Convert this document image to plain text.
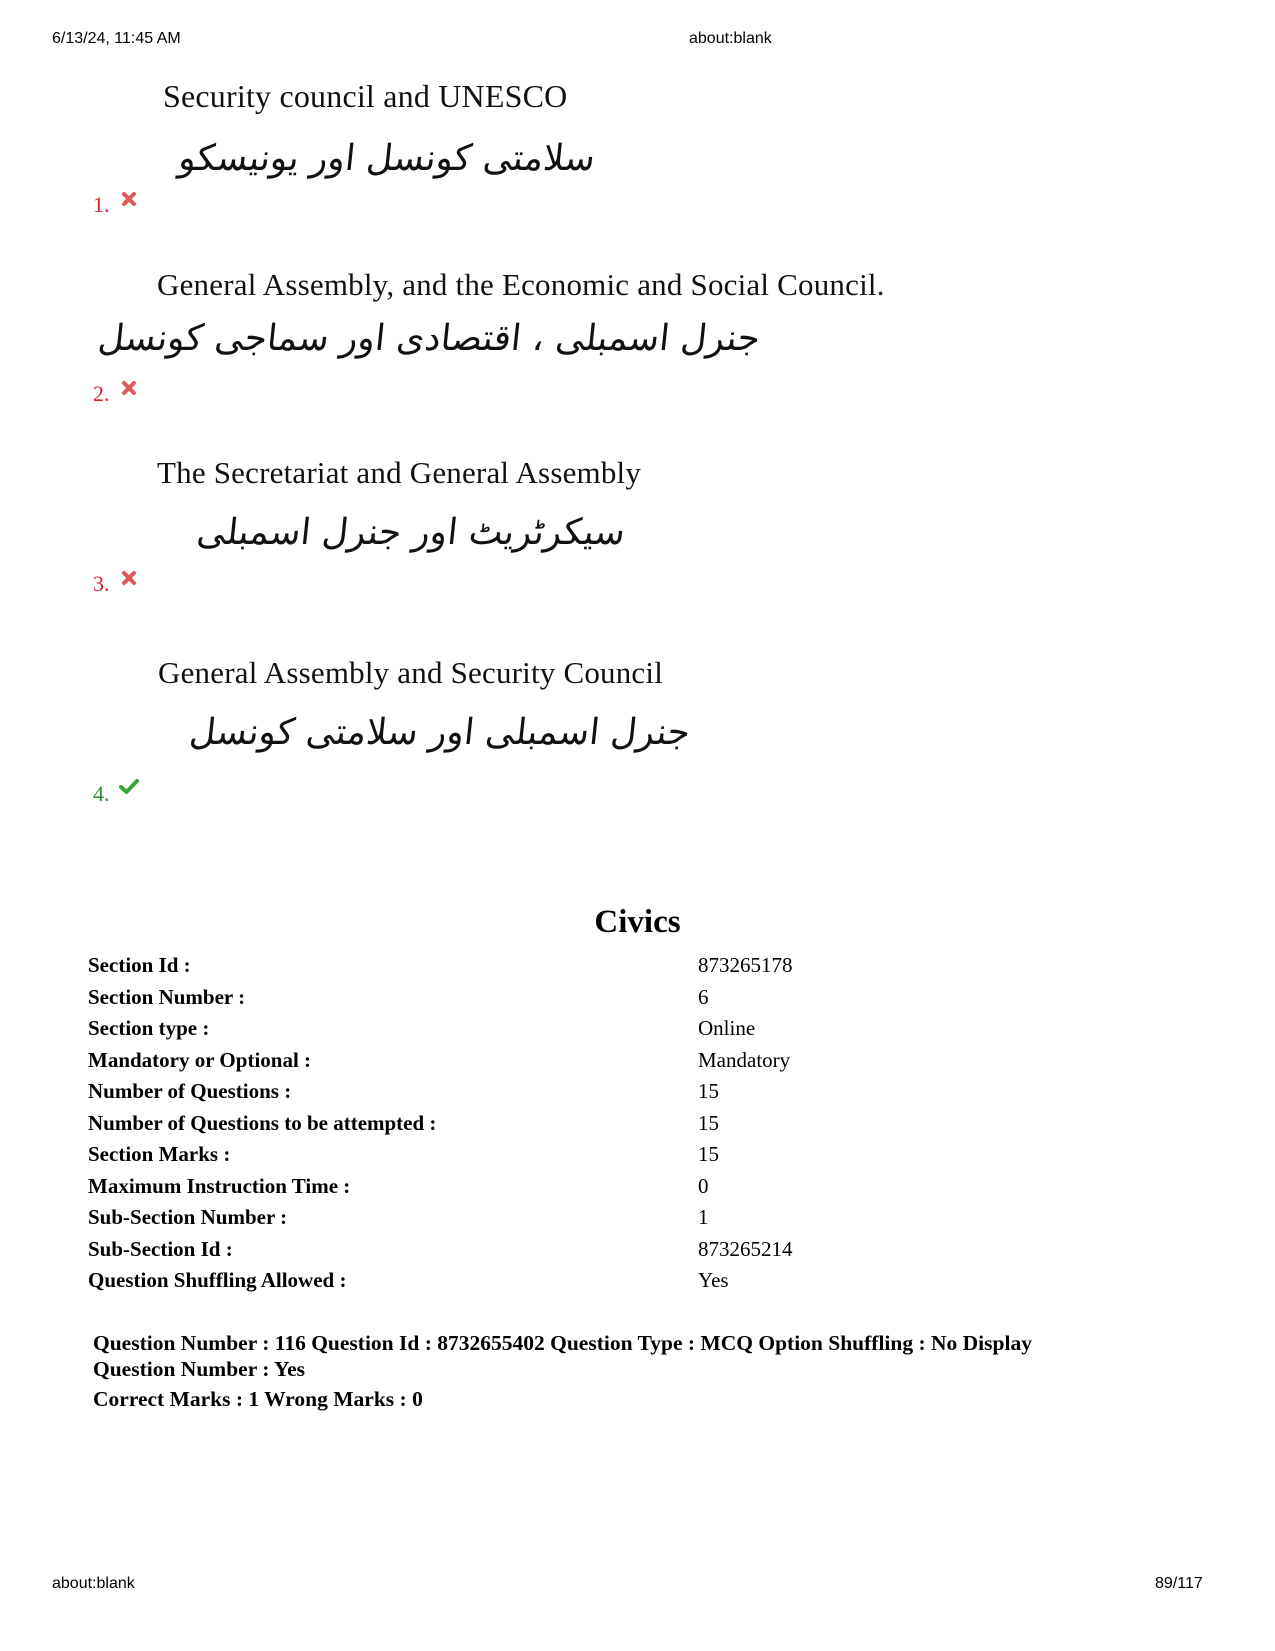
6/13/24, 11:45 AM	about:blank
Security council and UNESCO
سلامتی کونسل اور یونیسکو
1.
General Assembly, and the Economic and Social Council.
جنرل اسمبلی ، اقتصادی اور سماجی کونسل
2.
The Secretariat and General Assembly
سیکرٹریٹ اور جنرل اسمبلی
3.
General Assembly and Security Council
جنرل اسمبلی اور سلامتی کونسل
4.
Civics
Section Id :	873265178
Section Number :	6
Section type :	Online
Mandatory or Optional :	Mandatory
Number of Questions :	15
Number of Questions to be attempted :	15
Section Marks :	15
Maximum Instruction Time :	0
Sub-Section Number :	1
Sub-Section Id :	873265214
Question Shuffling Allowed :	Yes
Question Number : 116 Question Id : 8732655402 Question Type : MCQ Option Shuffling : No Display
Question Number : Yes
Correct Marks : 1 Wrong Marks : 0
about:blank	89/117
